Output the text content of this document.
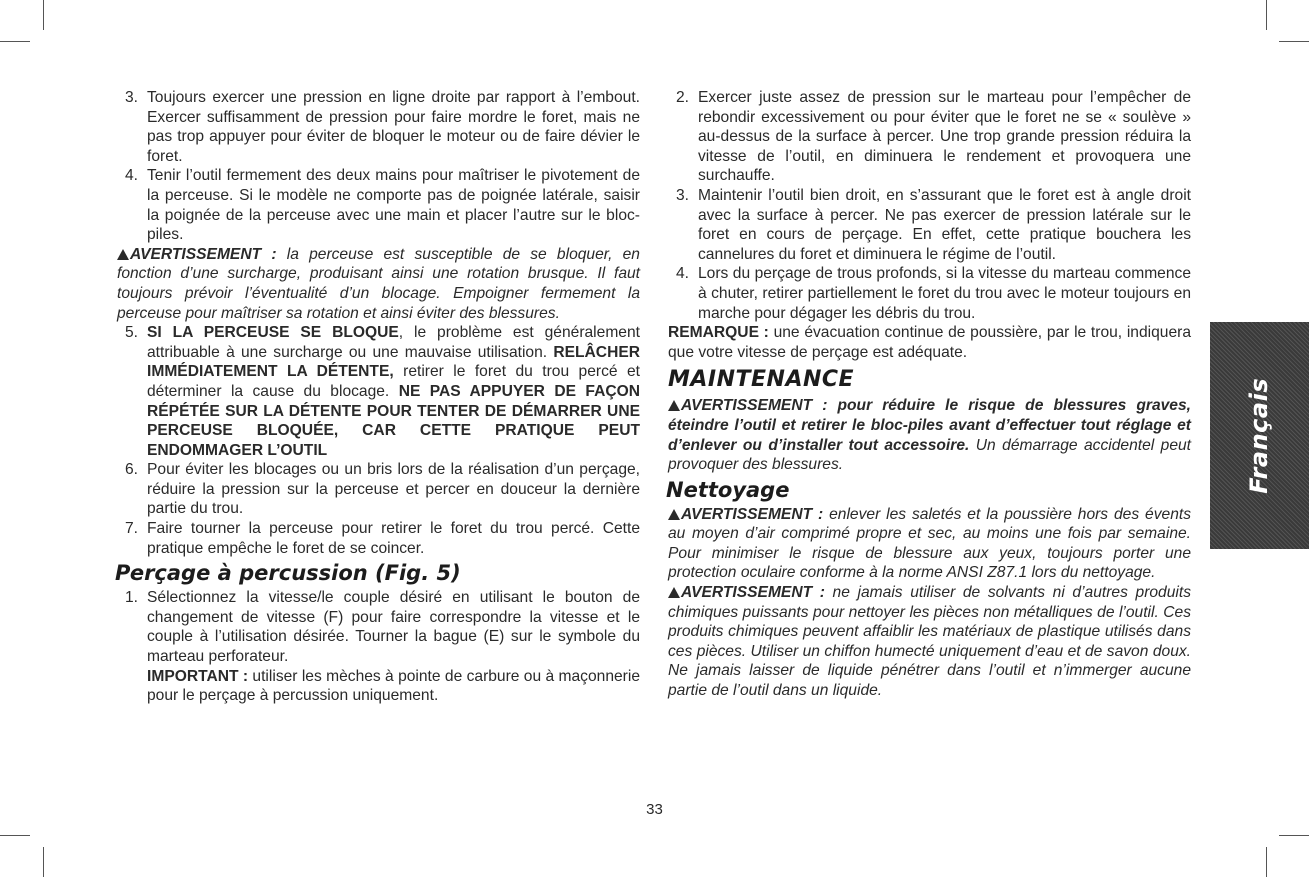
3. Toujours exercer une pression en ligne droite par rapport à l’embout. Exercer suffisamment de pression pour faire mordre le foret, mais ne pas trop appuyer pour éviter de bloquer le moteur ou de faire dévier le foret.
4. Tenir l’outil fermement des deux mains pour maîtriser le pivotement de la perceuse. Si le modèle ne comporte pas de poignée latérale, saisir la poignée de la perceuse avec une main et placer l’autre sur le bloc-piles.

AVERTISSEMENT : la perceuse est susceptible de se bloquer, en fonction d’une surcharge, produisant ainsi une rotation brusque. Il faut toujours prévoir l’éventualité d’un blocage. Empoigner fermement la perceuse pour maîtriser sa rotation et ainsi éviter des blessures.

5. SI LA PERCEUSE SE BLOQUE, le problème est généralement attribuable à une surcharge ou une mauvaise utilisation. RELÂCHER IMMÉDIATEMENT LA DÉTENTE, retirer le foret du trou percé et déterminer la cause du blocage. NE PAS APPUYER DE FAÇON RÉPÉTÉE SUR LA DÉTENTE POUR TENTER DE DÉMARRER UNE PERCEUSE BLOQUÉE, CAR CETTE PRATIQUE PEUT ENDOMMAGER L’OUTIL
6. Pour éviter les blocages ou un bris lors de la réalisation d’un perçage, réduire la pression sur la perceuse et percer en douceur la dernière partie du trou.
7. Faire tourner la perceuse pour retirer le foret du trou percé. Cette pratique empêche le foret de se coincer.
Perçage à percussion (Fig. 5)
1. Sélectionnez la vitesse/le couple désiré en utilisant le bouton de changement de vitesse (F) pour faire correspondre la vitesse et le couple à l’utilisation désirée. Tourner la bague (E) sur le symbole du marteau perforateur.
IMPORTANT : utiliser les mèches à pointe de carbure ou à maçonnerie pour le perçage à percussion uniquement.
2. Exercer juste assez de pression sur le marteau pour l’empêcher de rebondir excessivement ou pour éviter que le foret ne se « soulève » au-dessus de la surface à percer. Une trop grande pression réduira la vitesse de l’outil, en diminuera le rendement et provoquera une surchauffe.
3. Maintenir l’outil bien droit, en s’assurant que le foret est à angle droit avec la surface à percer. Ne pas exercer de pression latérale sur le foret en cours de perçage. En effet, cette pratique bouchera les cannelures du foret et diminuera le régime de l’outil.
4. Lors du perçage de trous profonds, si la vitesse du marteau commence à chuter, retirer partiellement le foret du trou avec le moteur toujours en marche pour dégager les débris du trou.

REMARQUE : une évacuation continue de poussière, par le trou, indiquera que votre vitesse de perçage est adéquate.

MAINTENANCE

AVERTISSEMENT : pour réduire le risque de blessures graves, éteindre l’outil et retirer le bloc-piles avant d’effectuer tout réglage et d’enlever ou d’installer tout accessoire. Un démarrage accidentel peut provoquer des blessures.

Nettoyage

AVERTISSEMENT : enlever les saletés et la poussière hors des évents au moyen d’air comprimé propre et sec, au moins une fois par semaine. Pour minimiser le risque de blessure aux yeux, toujours porter une protection oculaire conforme à la norme ANSI Z87.1 lors du nettoyage.

AVERTISSEMENT : ne jamais utiliser de solvants ni d’autres produits chimiques puissants pour nettoyer les pièces non métalliques de l’outil. Ces produits chimiques peuvent affaiblir les matériaux de plastique utilisés dans ces pièces. Utiliser un chiffon humecté uniquement d’eau et de savon doux. Ne jamais laisser de liquide pénétrer dans l’outil et n’immerger aucune partie de l’outil dans un liquide.

Français
33
